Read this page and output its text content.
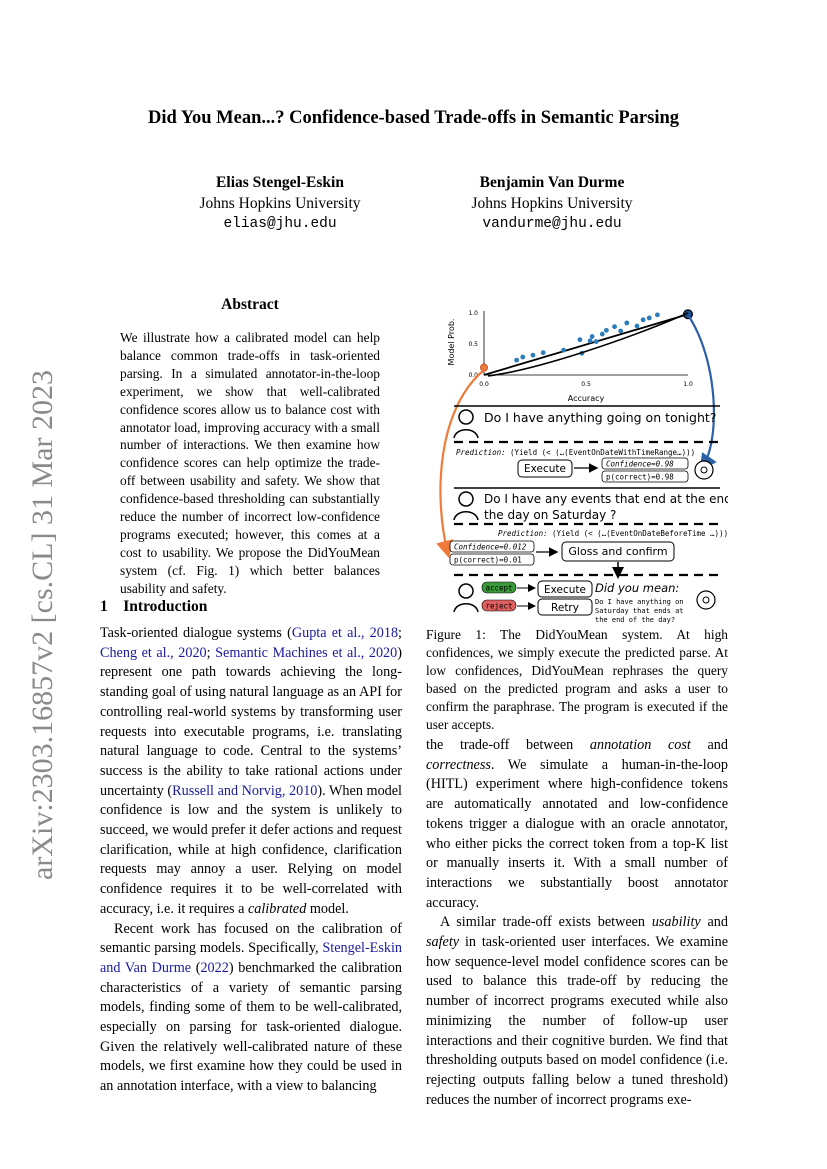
arXiv:2303.16857v2 [cs.CL] 31 Mar 2023
Did You Mean...? Confidence-based Trade-offs in Semantic Parsing
Elias Stengel-Eskin
Johns Hopkins University
elias@jhu.edu
Benjamin Van Durme
Johns Hopkins University
vandurme@jhu.edu
Abstract
We illustrate how a calibrated model can help balance common trade-offs in task-oriented parsing. In a simulated annotator-in-the-loop experiment, we show that well-calibrated confidence scores allow us to balance cost with annotator load, improving accuracy with a small number of interactions. We then examine how confidence scores can help optimize the trade-off between usability and safety. We show that confidence-based thresholding can substantially reduce the number of incorrect low-confidence programs executed; however, this comes at a cost to usability. We propose the DidYouMean system (cf. Fig. 1) which better balances usability and safety.
1 Introduction

Task-oriented dialogue systems (Gupta et al., 2018; Cheng et al., 2020; Semantic Machines et al., 2020) represent one path towards achieving the long-standing goal of using natural language as an API for controlling real-world systems by transforming user requests into executable programs, i.e. translating natural language to code. Central to the systems’ success is the ability to take rational actions under uncertainty (Russell and Norvig, 2010). When model confidence is low and the system is unlikely to succeed, we would prefer it defer actions and request clarification, while at high confidence, clarification requests may annoy a user. Relying on model confidence requires it to be well-correlated with accuracy, i.e. it requires a calibrated model.

Recent work has focused on the calibration of semantic parsing models. Specifically, Stengel-Eskin and Van Durme (2022) benchmarked the calibration characteristics of a variety of semantic parsing models, finding some of them to be well-calibrated, especially on parsing for task-oriented dialogue. Given the relatively well-calibrated nature of these models, we first examine how they could be used in an annotation interface, with a view to balancing

0.0	0.5	1.0
0.0
0.5
1.0
Accuracy
Model Prob.
Do I have anything going on tonight?
Prediction: (Yield (< (…(EventOnDateWithTimeRange…)))
Execute	Confidence=0.98
p(correct)=0.98
Do I have any events that end at the end of
the day on Saturday ?
Prediction: (Yield (< (…(EventOnDateBeforeTime …))))
Confidence=0.012
p(correct)=0.01
Gloss and confirm
accept
reject
Execute
Retry
Did you mean:
Do I have anything on
Saturday that ends at
the end of the day?
Figure 1: The DidYouMean system. At high confidences, we simply execute the predicted parse. At low confidences, DidYouMean rephrases the query based on the predicted program and asks a user to confirm the paraphrase. The program is executed if the user accepts.

the trade-off between annotation cost and correctness. We simulate a human-in-the-loop (HITL) experiment where high-confidence tokens are automatically annotated and low-confidence tokens trigger a dialogue with an oracle annotator, who either picks the correct token from a top-K list or manually inserts it. With a small number of interactions we substantially boost annotator accuracy.

A similar trade-off exists between usability and safety in task-oriented user interfaces. We examine how sequence-level model confidence scores can be used to balance this trade-off by reducing the number of incorrect programs executed while also minimizing the number of follow-up user interactions and their cognitive burden. We find that thresholding outputs based on model confidence (i.e. rejecting outputs falling below a tuned threshold) reduces the number of incorrect programs exe-
